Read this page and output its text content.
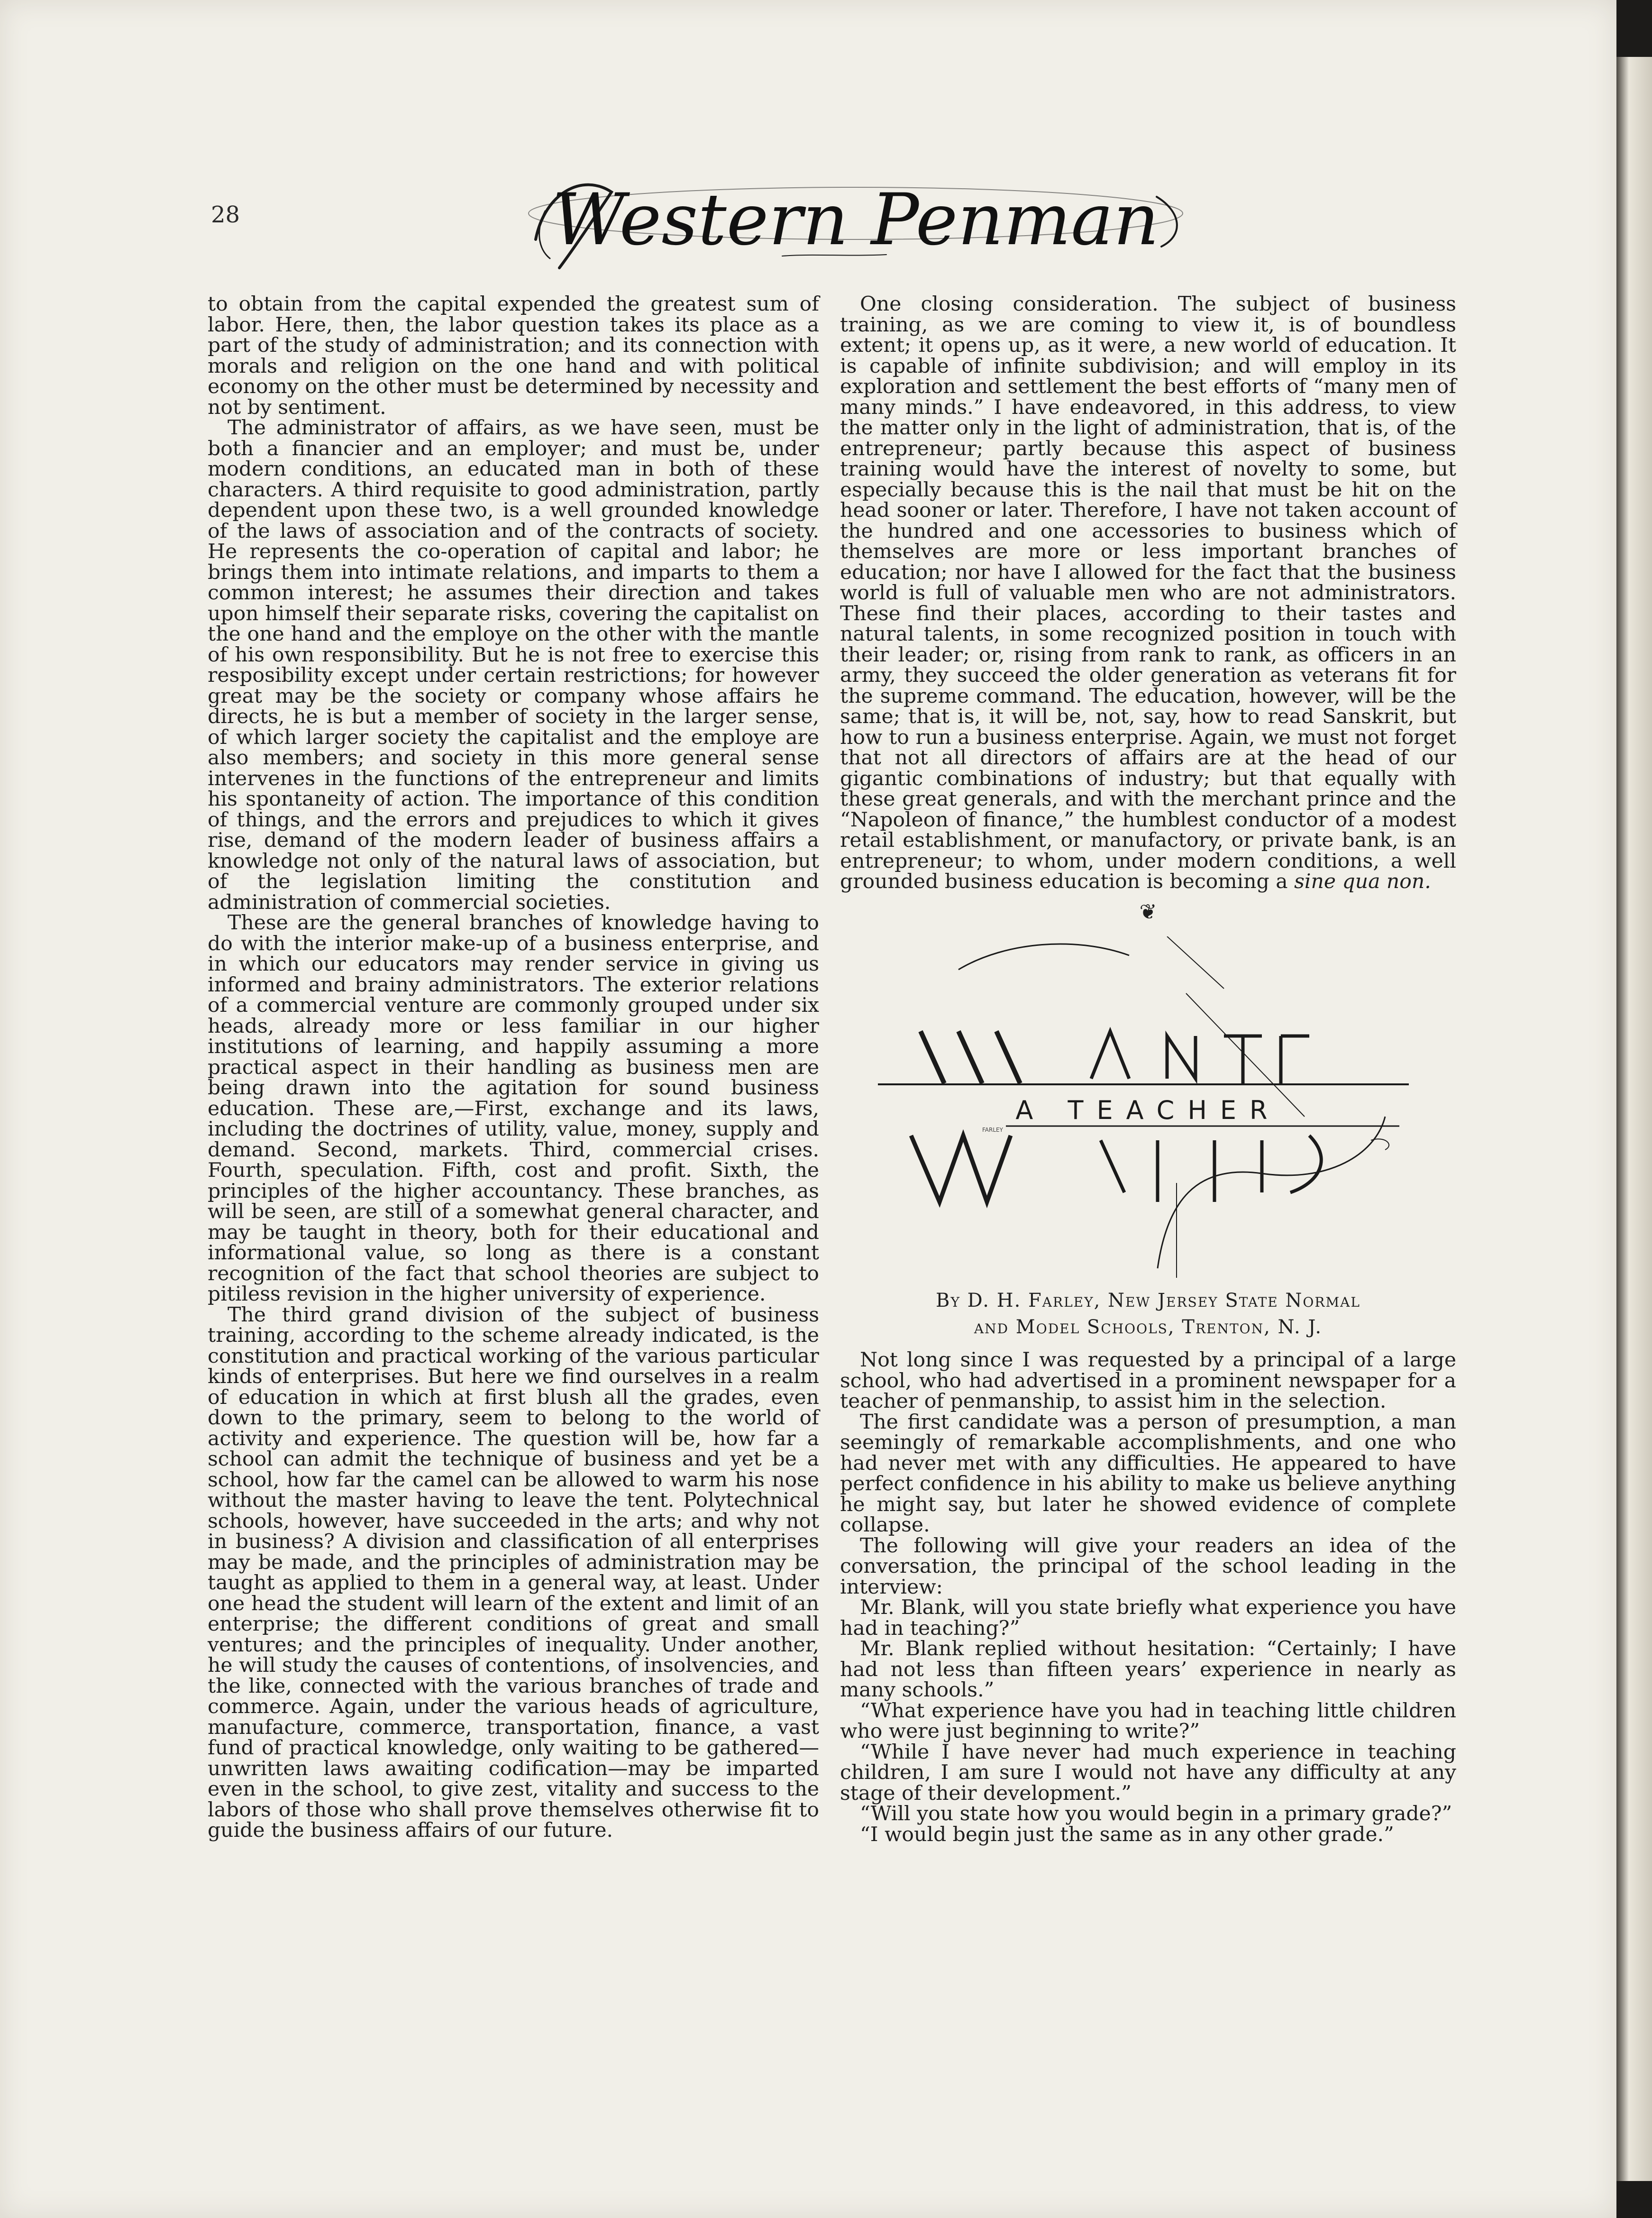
28	Western Penman

to obtain from the capital expended the greatest sum of labor. Here, then, the labor question takes its place as a part of the study of administration; and its connection with morals and religion on the one hand and with political economy on the other must be determined by necessity and not by sentiment.

The administrator of affairs, as we have seen, must be both a financier and an employer; and must be, under modern conditions, an educated man in both of these characters. A third requisite to good administration, partly dependent upon these two, is a well grounded knowledge of the laws of association and of the contracts of society. He represents the co-operation of capital and labor; he brings them into intimate relations, and imparts to them a common interest; he assumes their direction and takes upon himself their separate risks, covering the capitalist on the one hand and the employe on the other with the mantle of his own responsibility. But he is not free to exercise this resposibility except under certain restrictions; for however great may be the society or company whose affairs he directs, he is but a member of society in the larger sense, of which larger society the capitalist and the employe are also members; and society in this more general sense intervenes in the functions of the entrepreneur and limits his spontaneity of action. The importance of this condition of things, and the errors and prejudices to which it gives rise, demand of the modern leader of business affairs a knowledge not only of the natural laws of association, but of the legislation limiting the constitution and administration of commercial societies.

These are the general branches of knowledge having to do with the interior make-up of a business enterprise, and in which our educators may render service in giving us informed and brainy administrators. The exterior relations of a commercial venture are commonly grouped under six heads, already more or less familiar in our higher institutions of learning, and happily assuming a more practical aspect in their handling as business men are being drawn into the agitation for sound business education. These are,—First, exchange and its laws, including the doctrines of utility, value, money, supply and demand. Second, markets. Third, commercial crises. Fourth, speculation. Fifth, cost and profit. Sixth, the principles of the higher accountancy. These branches, as will be seen, are still of a somewhat general character, and may be taught in theory, both for their educational and informational value, so long as there is a constant recognition of the fact that school theories are subject to pitiless revision in the higher university of experience.

The third grand division of the subject of business training, according to the scheme already indicated, is the constitution and practical working of the various particular kinds of enterprises. But here we find ourselves in a realm of education in which at first blush all the grades, even down to the primary, seem to belong to the world of activity and experience. The question will be, how far a school can admit the technique of business and yet be a school, how far the camel can be allowed to warm his nose without the master having to leave the tent. Polytechnical schools, however, have succeeded in the arts; and why not in business? A division and classification of all enterprises may be made, and the principles of administration may be taught as applied to them in a general way, at least. Under one head the student will learn of the extent and limit of an enterprise; the different conditions of great and small ventures; and the principles of inequality. Under another, he will study the causes of contentions, of insolvencies, and the like, connected with the various branches of trade and commerce. Again, under the various heads of agriculture, manufacture, commerce, transportation, finance, a vast fund of practical knowledge, only waiting to be gathered—unwritten laws awaiting codification—may be imparted even in the school, to give zest, vitality and success to the labors of those who shall prove themselves otherwise fit to guide the business affairs of our future.

One closing consideration. The subject of business training, as we are coming to view it, is of boundless extent; it opens up, as it were, a new world of education. It is capable of infinite subdivision; and will employ in its exploration and settlement the best efforts of “many men of many minds.” I have endeavored, in this address, to view the matter only in the light of administration, that is, of the entrepreneur; partly because this aspect of business training would have the interest of novelty to some, but especially because this is the nail that must be hit on the head sooner or later. Therefore, I have not taken account of the hundred and one accessories to business which of themselves are more or less important branches of education; nor have I allowed for the fact that the business world is full of valuable men who are not administrators. These find their places, according to their tastes and natural talents, in some recognized position in touch with their leader; or, rising from rank to rank, as officers in an army, they succeed the older generation as veterans fit for the supreme command. The education, however, will be the same; that is, it will be, not, say, how to read Sanskrit, but how to run a business enterprise. Again, we must not forget that not all directors of affairs are at the head of our gigantic combinations of industry; but that equally with these great generals, and with the merchant prince and the “Napoleon of finance,” the humblest conductor of a modest retail establishment, or manufactory, or private bank, is an entrepreneur; to whom, under modern conditions, a well grounded business education is becoming a sine qua non.

❦
A TEACHER
FARLEY
WANTED
By D. H. Farley, New Jersey State Normal
and Model Schools, Trenton, N. J.

Not long since I was requested by a principal of a large school, who had advertised in a prominent newspaper for a teacher of penmanship, to assist him in the selection.

The first candidate was a person of presumption, a man seemingly of remarkable accomplishments, and one who had never met with any difficulties. He appeared to have perfect confidence in his ability to make us believe anything he might say, but later he showed evidence of complete collapse.

The following will give your readers an idea of the conversation, the principal of the school leading in the interview:

Mr. Blank, will you state briefly what experience you have had in teaching?”

Mr. Blank replied without hesitation: “Certainly; I have had not less than fifteen years’ experience in nearly as many schools.”

“What experience have you had in teaching little children who were just beginning to write?”

“While I have never had much experience in teaching children, I am sure I would not have any difficulty at any stage of their development.”

“Will you state how you would begin in a primary grade?”

“I would begin just the same as in any other grade.”
